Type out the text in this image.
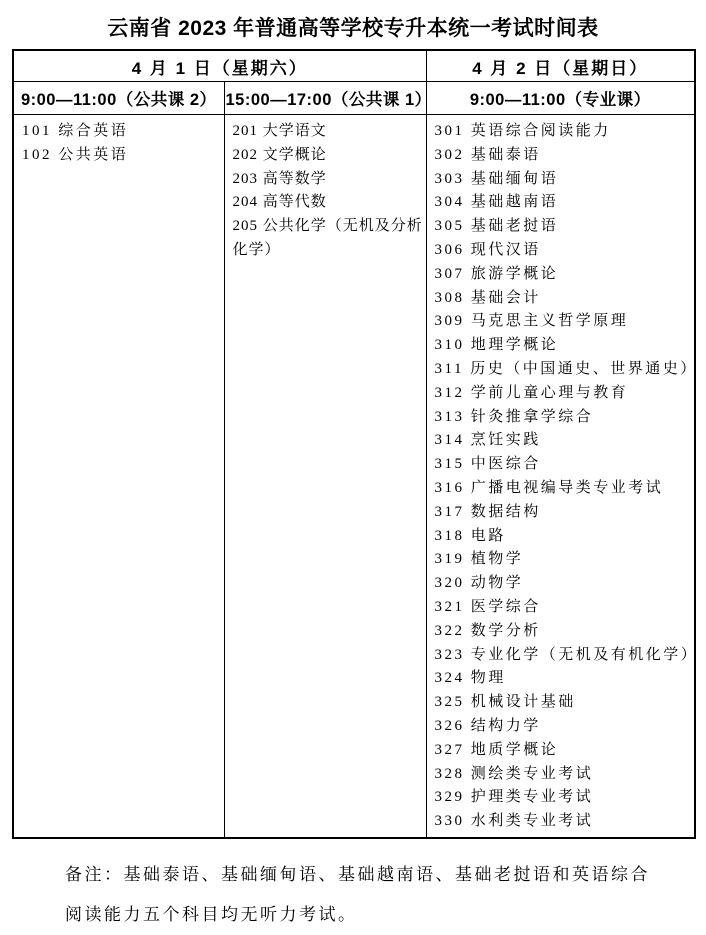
云南省 2023 年普通高等学校专升本统一考试时间表
4 月 1 日（星期六）		4 月 2 日（星期日）
9:00—11:00（公共课 2）	15:00—17:00（公共课 1）	9:00—11:00（专业课）

101 综合英语
102 公共英语

201 大学语文
202 文学概论
203 高等数学
204 高等代数
205 公共化学（无机及分析化学）

301 英语综合阅读能力
302 基础泰语
303 基础缅甸语
304 基础越南语
305 基础老挝语
306 现代汉语
307 旅游学概论
308 基础会计
309 马克思主义哲学原理
310 地理学概论
311 历史（中国通史、世界通史）
312 学前儿童心理与教育
313 针灸推拿学综合
314 烹饪实践
315 中医综合
316 广播电视编导类专业考试
317 数据结构
318 电路
319 植物学
320 动物学
321 医学综合
322 数学分析
323 专业化学（无机及有机化学）
324 物理
325 机械设计基础
326 结构力学
327 地质学概论
328 测绘类专业考试
329 护理类专业考试
330 水利类专业考试
备注：基础泰语、基础缅甸语、基础越南语、基础老挝语和英语综合
阅读能力五个科目均无听力考试。
